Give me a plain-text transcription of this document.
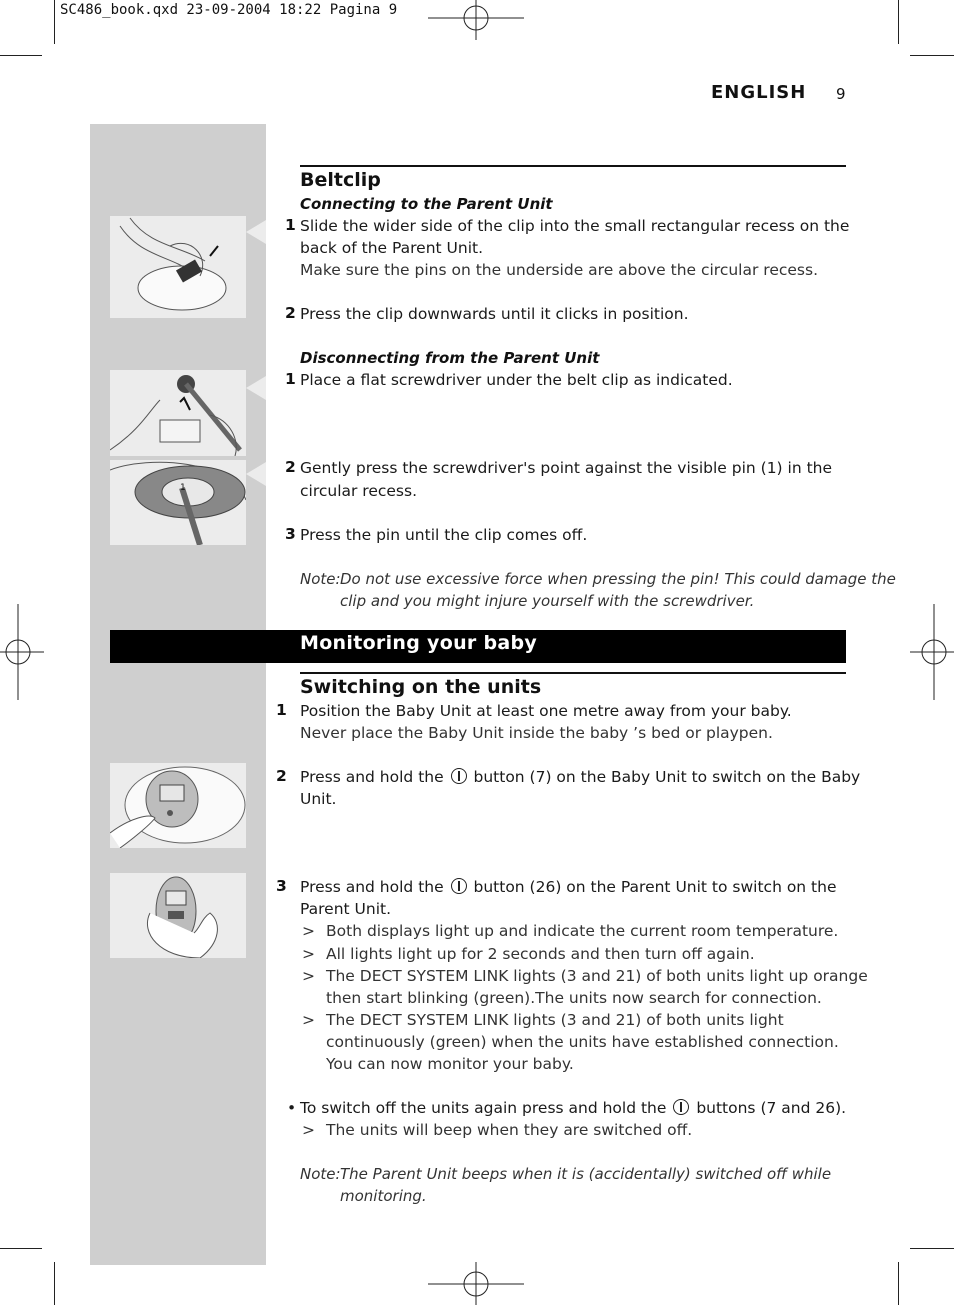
SC486_book.qxd 23-09-2004 18:22 Pagina 9
ENGLISH 9
Beltclip
Connecting to the Parent Unit
1 Slide the wider side of the clip into the small rectangular recess on the
back of the Parent Unit.
Make sure the pins on the underside are above the circular recess.
2 Press the clip downwards until it clicks in position.
Disconnecting from the Parent Unit
1 Place a flat screwdriver under the belt clip as indicated.
1
2 Gently press the screwdriver's point against the visible pin (1) in the
circular recess.
3 Press the pin until the clip comes off.
Note: Do not use excessive force when pressing the pin! This could damage the
clip and you might injure yourself with the screwdriver.
Monitoring your baby
Switching on the units
1 Position the Baby Unit at least one metre away from your baby.
Never place the Baby Unit inside the baby ’s bed or playpen.
2 Press and hold the button (7) on the Baby Unit to switch on the Baby
Unit.
3 Press and hold the button (26) on the Parent Unit to switch on the
Parent Unit.
> Both displays light up and indicate the current room temperature.
> All lights light up for 2 seconds and then turn off again.
> The DECT SYSTEM LINK lights (3 and 21) of both units light up orange
then start blinking (green).The units now search for connection.
> The DECT SYSTEM LINK lights (3 and 21) of both units light
continuously (green) when the units have established connection.
You can now monitor your baby.
• To switch off the units again press and hold the buttons (7 and 26).
> The units will beep when they are switched off.
Note: The Parent Unit beeps when it is (accidentally) switched off while
monitoring.
